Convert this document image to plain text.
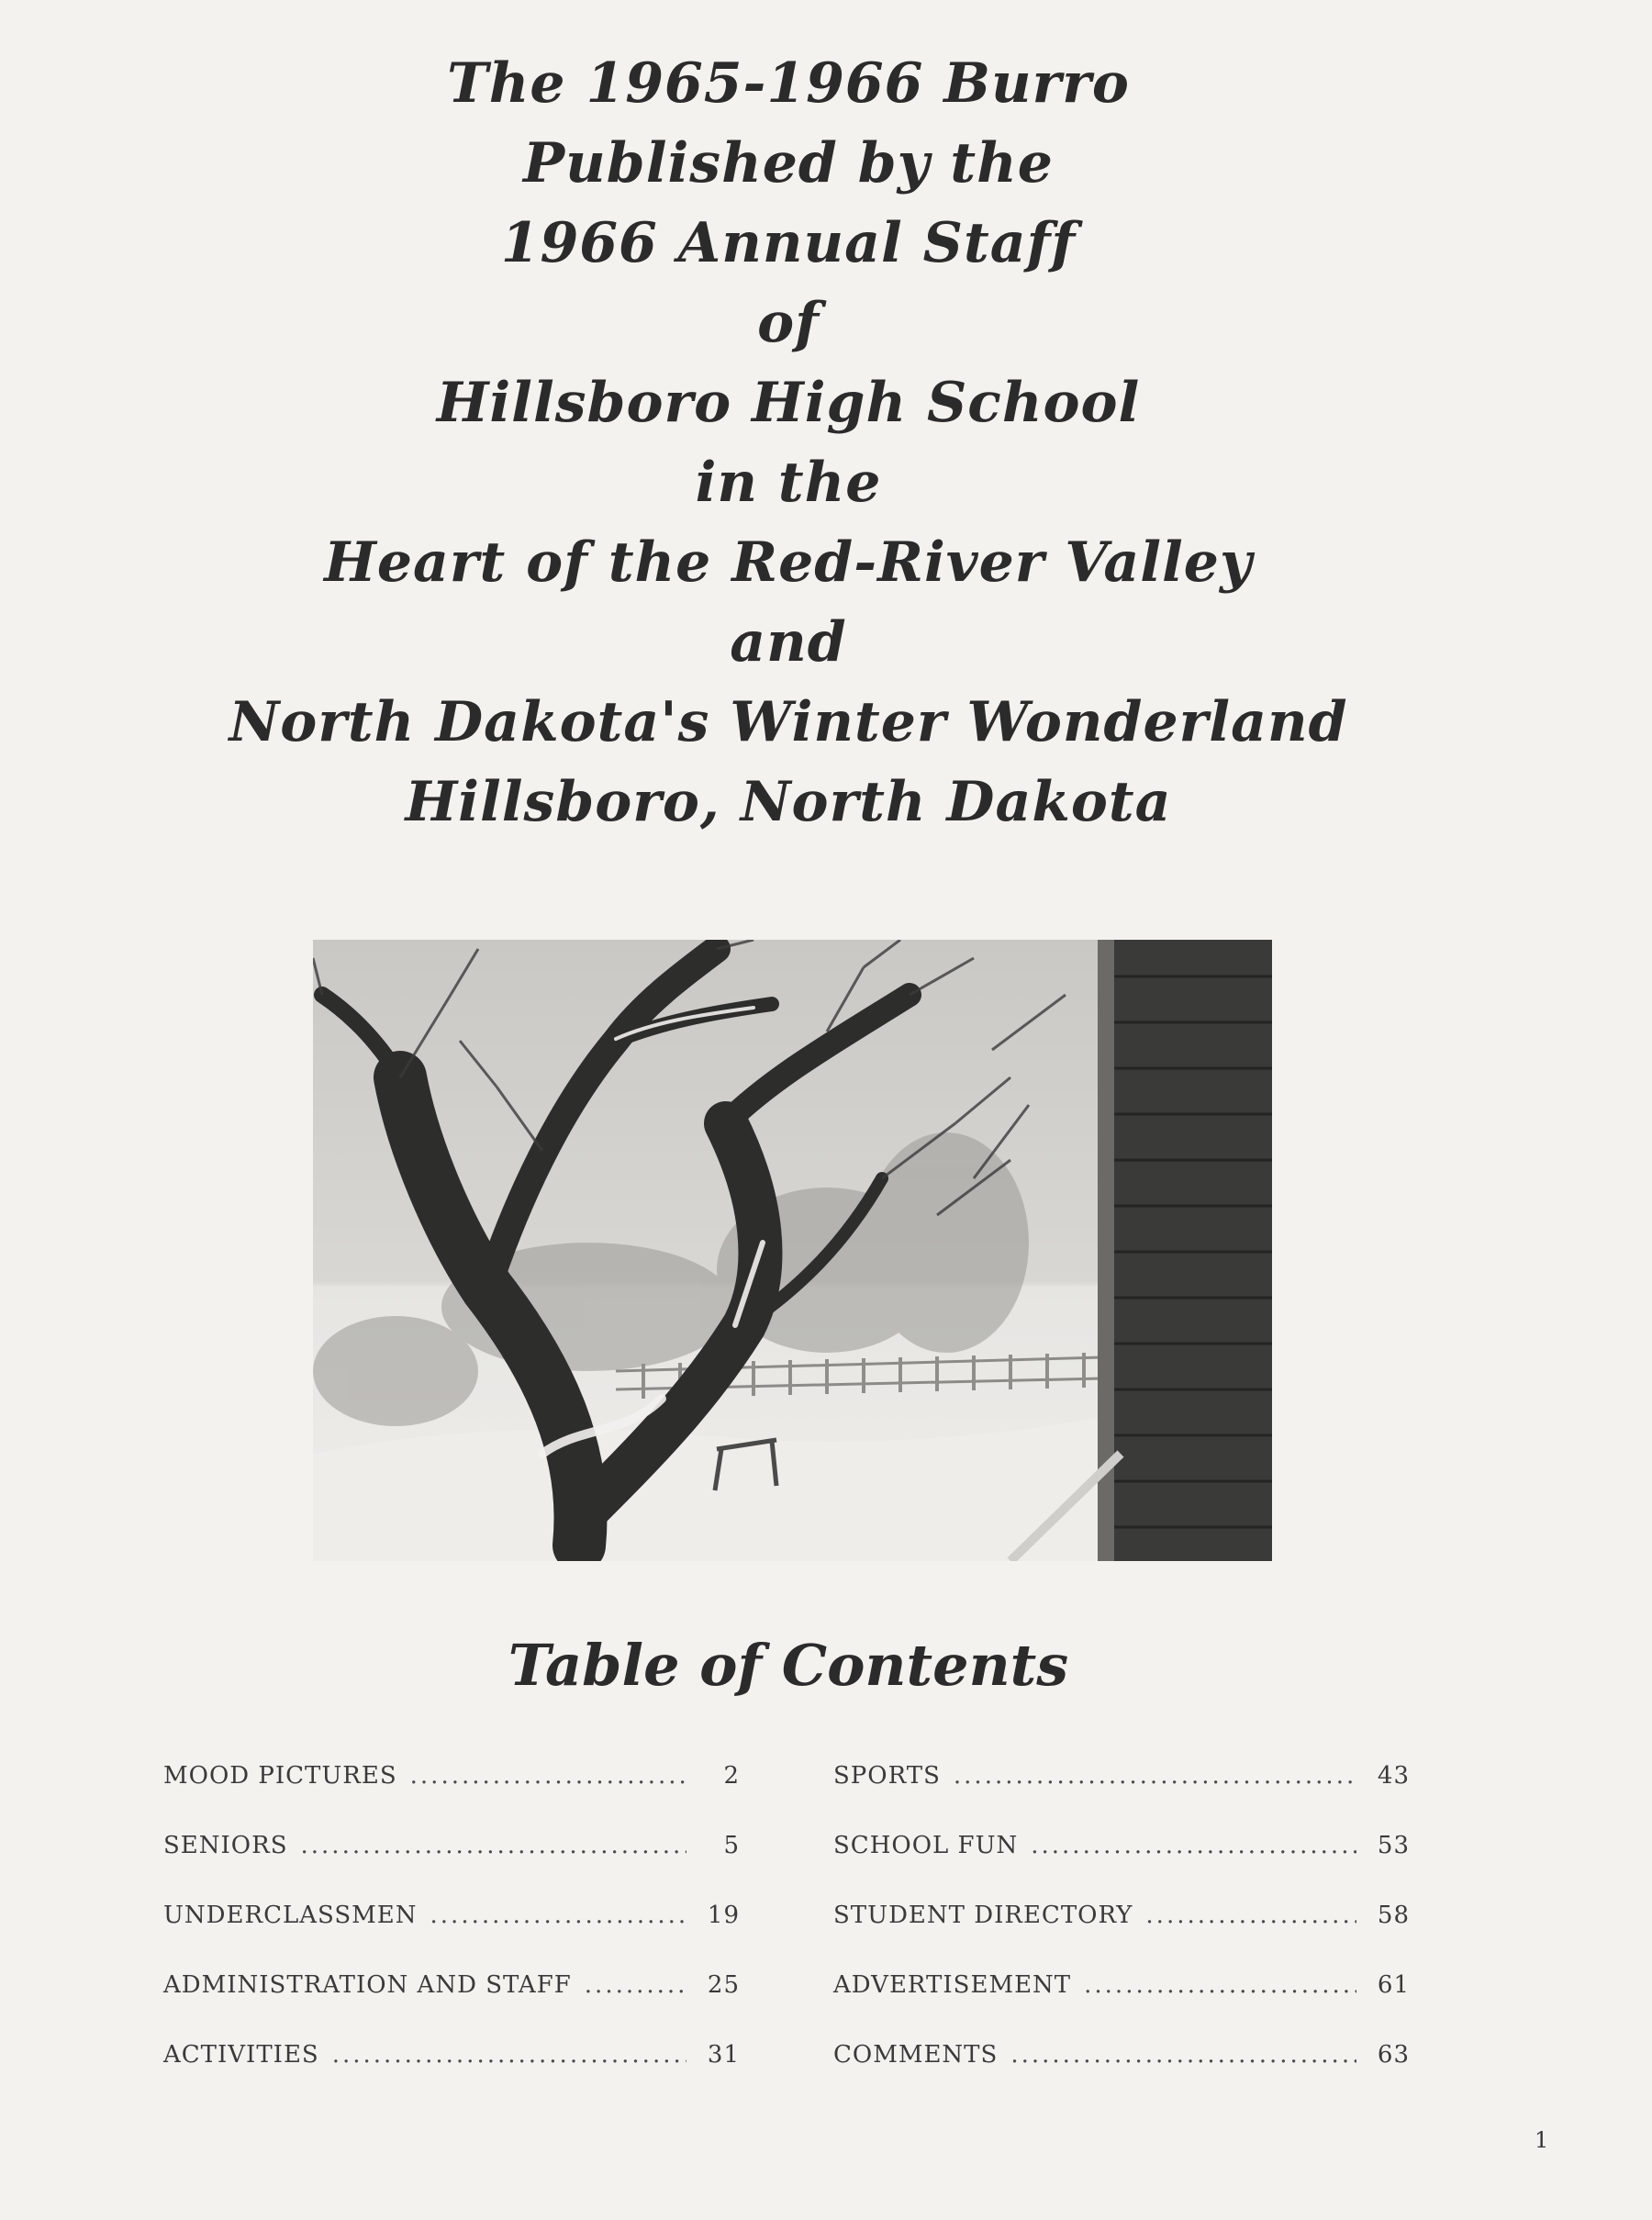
The 1965-1966 Burro
Published by the
1966 Annual Staff
of
Hillsboro High School
in the
Heart of the Red-River Valley
and
North Dakota's Winter Wonderland
Hillsboro, North Dakota
Table of Contents
MOOD PICTURES .....	2
SENIORS .....	5
UNDERCLASSMEN .....	19
ADMINISTRATION AND STAFF .....	25
ACTIVITIES .....	31
SPORTS .....	43
SCHOOL FUN .....	53
STUDENT DIRECTORY .....	58
ADVERTISEMENT .....	61
COMMENTS .....	63
1
